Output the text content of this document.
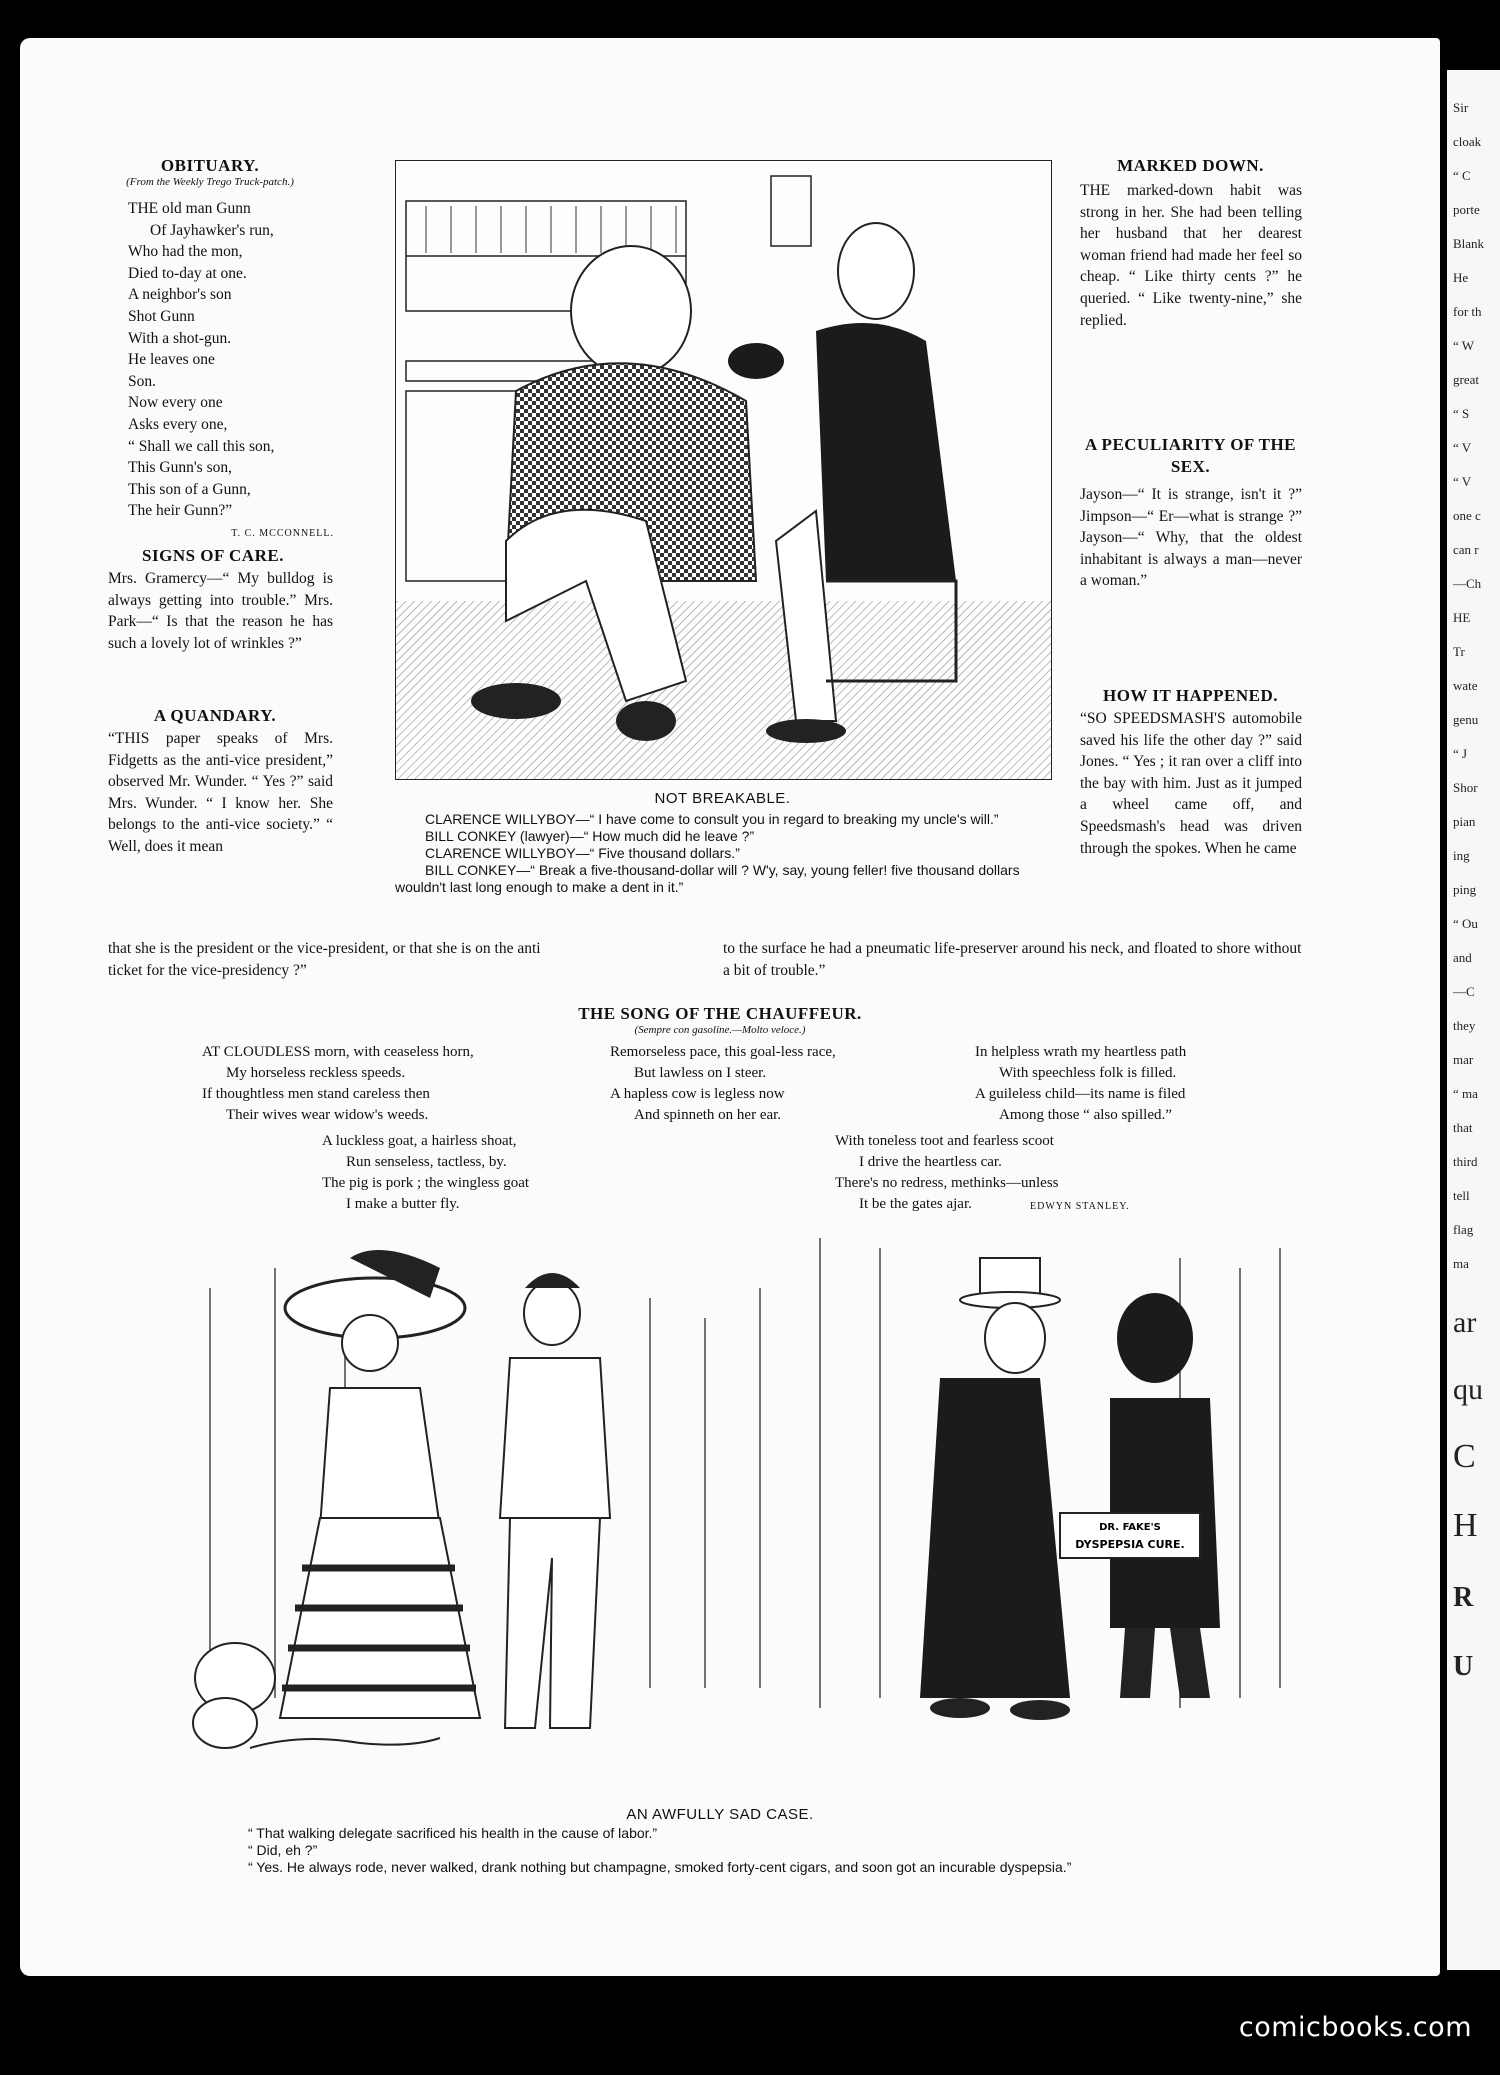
OBITUARY.
(From the Weekly Trego Truck-patch.)
THE old man Gunn
Of Jayhawker's run,
Who had the mon,
Died to-day at one.
A neighbor's son
Shot Gunn
With a shot-gun.
He leaves one
Son.
Now every one
Asks every one,
“ Shall we call this son,
This Gunn's son,
This son of a Gunn,
The heir Gunn?”
T. C. MCCONNELL.
SIGNS OF CARE.
Mrs. Gramercy—“ My bulldog is always getting into trouble.” Mrs. Park—“ Is that the reason he has such a lovely lot of wrinkles ?”
A QUANDARY.
“THIS paper speaks of Mrs. Fidgetts as the anti-vice president,” observed Mr. Wunder. “ Yes ?” said Mrs. Wunder. “ I know her. She belongs to the anti-vice society.” “ Well, does it mean
that she is the president or the vice-president, or that she is on the anti ticket for the vice-presidency ?”
NOT BREAKABLE.
CLARENCE WILLYBOY—“ I have come to consult you in regard to breaking my uncle's will.”
BILL CONKEY (lawyer)—“ How much did he leave ?”
CLARENCE WILLYBOY—“ Five thousand dollars.”
BILL CONKEY—“ Break a five-thousand-dollar will ? W'y, say, young feller! five thousand dollars wouldn't last long enough to make a dent in it.”
MARKED DOWN.
THE marked-down habit was strong in her. She had been telling her husband that her dearest woman friend had made her feel so cheap. “ Like thirty cents ?” he queried. “ Like twenty-nine,” she replied.
A PECULIARITY OF THE SEX.
Jayson—“ It is strange, isn't it ?” Jimpson—“ Er—what is strange ?” Jayson—“ Why, that the oldest inhabitant is always a man—never a woman.”
HOW IT HAPPENED.
“SO SPEEDSMASH'S automobile saved his life the other day ?” said Jones. “ Yes ; it ran over a cliff into the bay with him. Just as it jumped a wheel came off, and Speedsmash's head was driven through the spokes. When he came
to the surface he had a pneumatic life-preserver around his neck, and floated to shore without a bit of trouble.”
THE SONG OF THE CHAUFFEUR.
(Sempre con gasoline.—Molto veloce.)
AT CLOUDLESS morn, with ceaseless horn,
My horseless reckless speeds.
If thoughtless men stand careless then
Their wives wear widow's weeds.
Remorseless pace, this goal-less race,
But lawless on I steer.
A hapless cow is legless now
And spinneth on her ear.
In helpless wrath my heartless path
With speechless folk is filled.
A guileless child—its name is filed
Among those “ also spilled.”
A luckless goat, a hairless shoat,
Run senseless, tactless, by.
The pig is pork ; the wingless goat
I make a butter fly.
With toneless toot and fearless scoot
I drive the heartless car.
There's no redress, methinks—unless
It be the gates ajar.	EDWYN STANLEY.
DR. FAKE'S
DYSPEPSIA CURE.
AN AWFULLY SAD CASE.
“ That walking delegate sacrificed his health in the cause of labor.”
“ Did, eh ?”
“ Yes. He always rode, never walked, drank nothing but champagne, smoked forty-cent cigars, and soon got an incurable dyspepsia.”
Sir
cloak
“ C
porte
Blank
He
for th
“ W
great
“ S
“ V
“ V
one c
can r
—Ch
HE
Tr
wate
genu
“ J
Shor
pian
ing
ping
“ Ou
and
—C
they
mar
“ ma
that
third
tell
flag
ma
ar
qu
C
H
R
U
comicbooks.com
